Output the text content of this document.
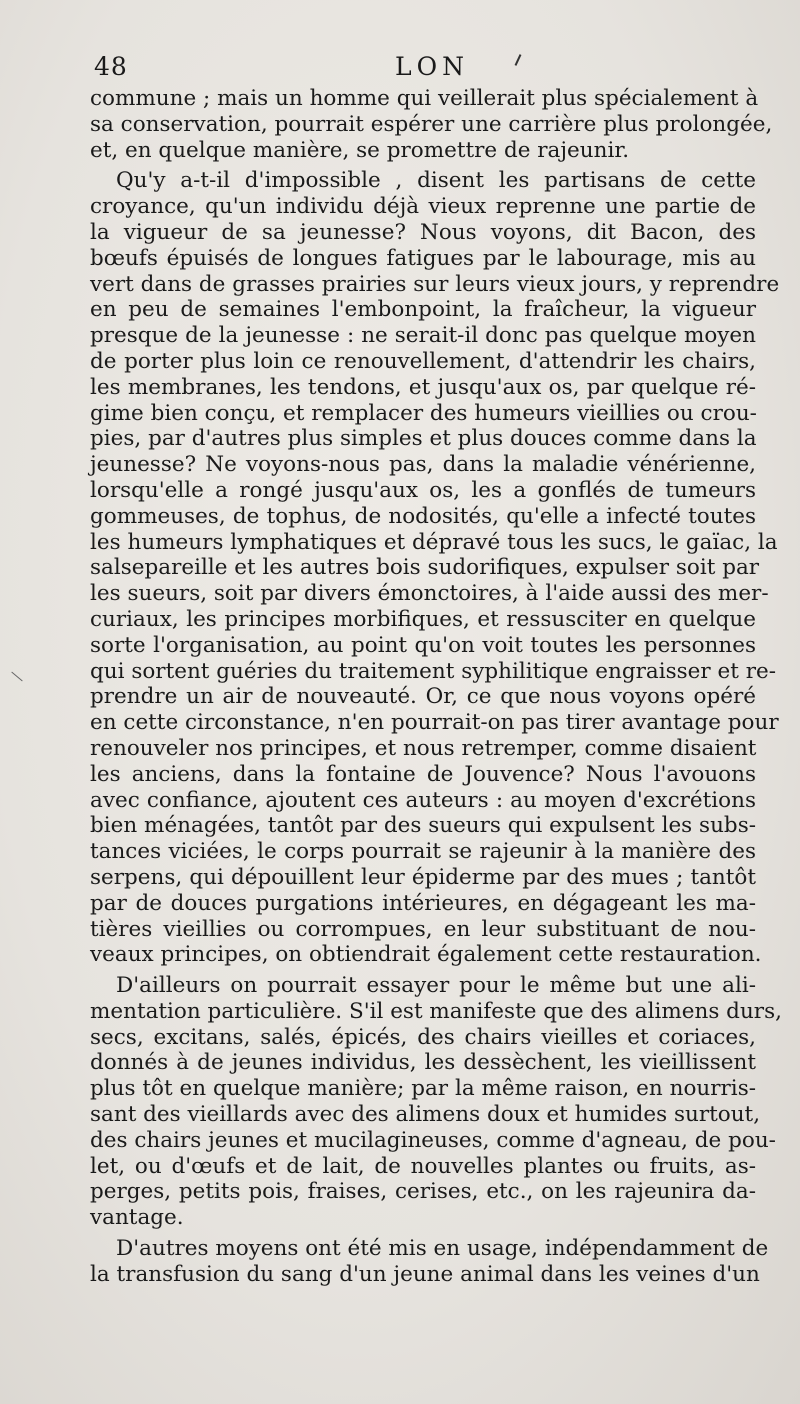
48	LON
commune ; mais un homme qui veillerait plus spécialement à
sa conservation, pourrait espérer une carrière plus prolongée,
et, en quelque manière, se promettre de rajeunir.
Qu'y a-t-il d'impossible , disent les partisans de cette
croyance, qu'un individu déjà vieux reprenne une partie de
la vigueur de sa jeunesse? Nous voyons, dit Bacon, des
bœufs épuisés de longues fatigues par le labourage, mis au
vert dans de grasses prairies sur leurs vieux jours, y reprendre
en peu de semaines l'embonpoint, la fraîcheur, la vigueur
presque de la jeunesse : ne serait-il donc pas quelque moyen
de porter plus loin ce renouvellement, d'attendrir les chairs,
les membranes, les tendons, et jusqu'aux os, par quelque ré-
gime bien conçu, et remplacer des humeurs vieillies ou crou-
pies, par d'autres plus simples et plus douces comme dans la
jeunesse? Ne voyons-nous pas, dans la maladie vénérienne,
lorsqu'elle a rongé jusqu'aux os, les a gonflés de tumeurs
gommeuses, de tophus, de nodosités, qu'elle a infecté toutes
les humeurs lymphatiques et dépravé tous les sucs, le gaïac, la
salsepareille et les autres bois sudorifiques, expulser soit par
les sueurs, soit par divers émonctoires, à l'aide aussi des mer-
curiaux, les principes morbifiques, et ressusciter en quelque
sorte l'organisation, au point qu'on voit toutes les personnes
qui sortent guéries du traitement syphilitique engraisser et re-
prendre un air de nouveauté. Or, ce que nous voyons opéré
en cette circonstance, n'en pourrait-on pas tirer avantage pour
renouveler nos principes, et nous retremper, comme disaient
les anciens, dans la fontaine de Jouvence? Nous l'avouons
avec confiance, ajoutent ces auteurs : au moyen d'excrétions
bien ménagées, tantôt par des sueurs qui expulsent les subs-
tances viciées, le corps pourrait se rajeunir à la manière des
serpens, qui dépouillent leur épiderme par des mues ; tantôt
par de douces purgations intérieures, en dégageant les ma-
tières vieillies ou corrompues, en leur substituant de nou-
veaux principes, on obtiendrait également cette restauration.
D'ailleurs on pourrait essayer pour le même but une ali-
mentation particulière. S'il est manifeste que des alimens durs,
secs, excitans, salés, épicés, des chairs vieilles et coriaces,
donnés à de jeunes individus, les dessèchent, les vieillissent
plus tôt en quelque manière; par la même raison, en nourris-
sant des vieillards avec des alimens doux et humides surtout,
des chairs jeunes et mucilagineuses, comme d'agneau, de pou-
let, ou d'œufs et de lait, de nouvelles plantes ou fruits, as-
perges, petits pois, fraises, cerises, etc., on les rajeunira da-
vantage.
D'autres moyens ont été mis en usage, indépendamment de
la transfusion du sang d'un jeune animal dans les veines d'un
